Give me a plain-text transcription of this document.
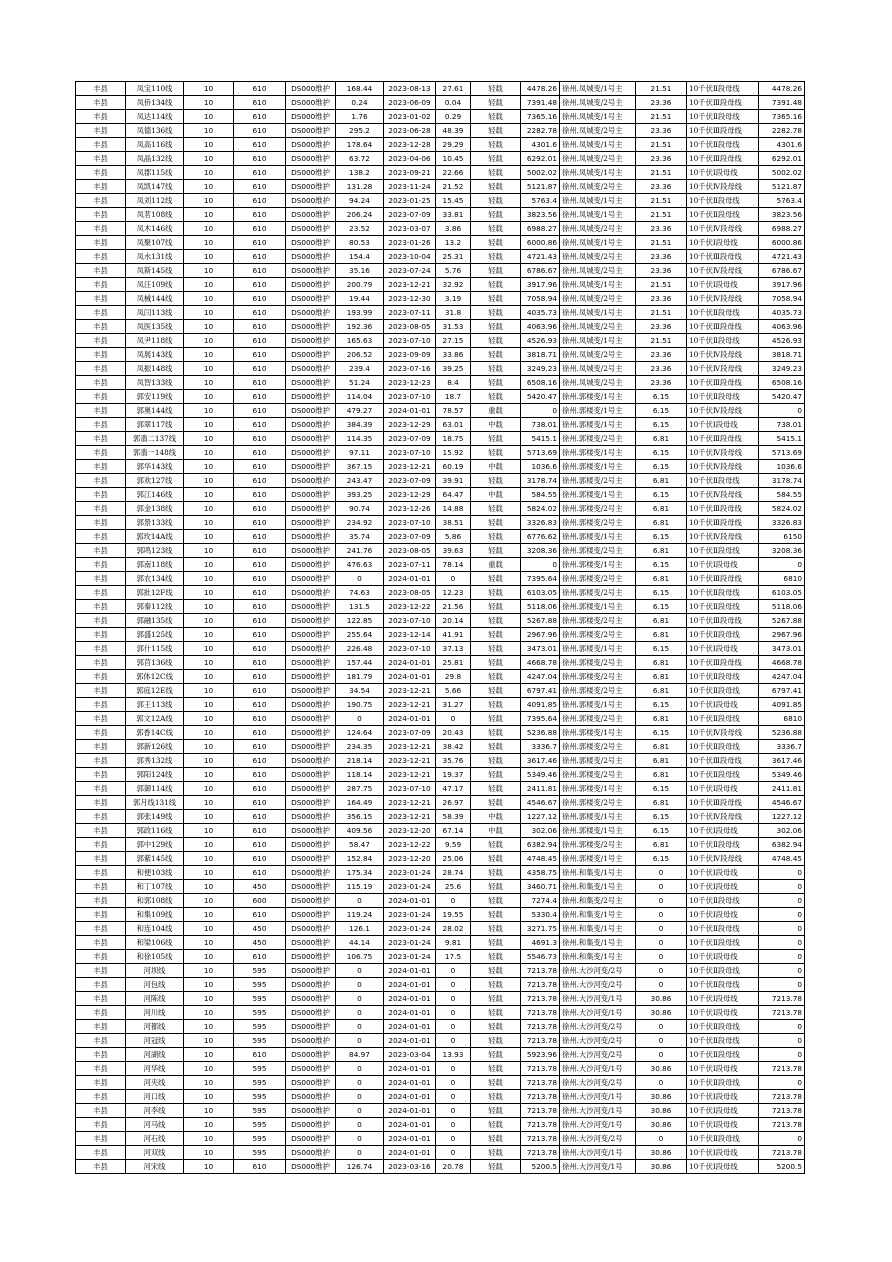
丰县	凤宝110线	10	610	DS000维护	168.44	2023-08-13	27.61	轻载	4478.26	徐州.凤城变/1号主	21.51	10千伏Ⅱ段母线	4478.26
丰县	凤侨134线	10	610	DS000维护	0.24	2023-06-09	0.04	轻载	7391.48	徐州.凤城变/2号主	23.36	10千伏Ⅲ段母线	7391.48
丰县	凤达114线	10	610	DS000维护	1.76	2023-01-02	0.29	轻载	7365.16	徐州.凤城变/1号主	21.51	10千伏Ⅱ段母线	7365.16
丰县	凤德136线	10	610	DS000维护	295.2	2023-06-28	48.39	轻载	2282.78	徐州.凤城变/2号主	23.36	10千伏Ⅲ段母线	2282.78
丰县	凤高116线	10	610	DS000维护	178.64	2023-12-28	29.29	轻载	4301.6	徐州.凤城变/1号主	21.51	10千伏Ⅱ段母线	4301.6
丰县	凤晶132线	10	610	DS000维护	63.72	2023-04-06	10.45	轻载	6292.01	徐州.凤城变/2号主	23.36	10千伏Ⅲ段母线	6292.01
丰县	凤郡115线	10	610	DS000维护	138.2	2023-09-21	22.66	轻载	5002.02	徐州.凤城变/1号主	21.51	10千伏Ⅰ段母线	5002.02
丰县	凤凯147线	10	610	DS000维护	131.28	2023-11-24	21.52	轻载	5121.87	徐州.凤城变/2号主	23.36	10千伏Ⅳ段母线	5121.87
丰县	凤刘112线	10	610	DS000维护	94.24	2023-01-25	15.45	轻载	5763.4	徐州.凤城变/1号主	21.51	10千伏Ⅱ段母线	5763.4
丰县	凤茗108线	10	610	DS000维护	206.24	2023-07-09	33.81	轻载	3823.56	徐州.凤城变/1号主	21.51	10千伏Ⅱ段母线	3823.56
丰县	凤木146线	10	610	DS000维护	23.52	2023-03-07	3.86	轻载	6988.27	徐州.凤城变/2号主	23.36	10千伏Ⅳ段母线	6988.27
丰县	凤聚107线	10	610	DS000维护	80.53	2023-01-26	13.2	轻载	6000.86	徐州.凤城变/1号主	21.51	10千伏Ⅰ段母线	6000.86
丰县	凤水131线	10	610	DS000维护	154.4	2023-10-04	25.31	轻载	4721.43	徐州.凤城变/2号主	23.36	10千伏Ⅲ段母线	4721.43
丰县	凤斯145线	10	610	DS000维护	35.16	2023-07-24	5.76	轻载	6786.67	徐州.凤城变/2号主	23.36	10千伏Ⅳ段母线	6786.67
丰县	凤汪109线	10	610	DS000维护	200.79	2023-12-21	32.92	轻载	3917.96	徐州.凤城变/1号主	21.51	10千伏Ⅰ段母线	3917.96
丰县	凤械144线	10	610	DS000维护	19.44	2023-12-30	3.19	轻载	7058.94	徐州.凤城变/2号主	23.36	10千伏Ⅳ段母线	7058.94
丰县	凤闫113线	10	610	DS000维护	193.99	2023-07-11	31.8	轻载	4035.73	徐州.凤城变/1号主	21.51	10千伏Ⅱ段母线	4035.73
丰县	凤医135线	10	610	DS000维护	192.36	2023-08-05	31.53	轻载	4063.96	徐州.凤城变/2号主	23.36	10千伏Ⅲ段母线	4063.96
丰县	凤尹118线	10	610	DS000维护	165.63	2023-07-10	27.15	轻载	4526.93	徐州.凤城变/1号主	21.51	10千伏Ⅱ段母线	4526.93
丰县	凤展143线	10	610	DS000维护	206.52	2023-09-09	33.86	轻载	3818.71	徐州.凤城变/2号主	23.36	10千伏Ⅳ段母线	3818.71
丰县	凤振148线	10	610	DS000维护	239.4	2023-07-16	39.25	轻载	3249.23	徐州.凤城变/2号主	23.36	10千伏Ⅳ段母线	3249.23
丰县	凤智133线	10	610	DS000维护	51.24	2023-12-23	8.4	轻载	6508.16	徐州.凤城变/2号主	23.36	10千伏Ⅲ段母线	6508.16
丰县	郭安119线	10	610	DS000维护	114.04	2023-07-10	18.7	轻载	5420.47	徐州.郭楼变/1号主	6.15	10千伏Ⅱ段母线	5420.47
丰县	郭奥144线	10	610	DS000维护	479.27	2024-01-01	78.57	重载	0	徐州.郭楼变/1号主	6.15	10千伏Ⅳ段母线	0
丰县	郭翠117线	10	610	DS000维护	384.39	2023-12-29	63.01	中载	738.01	徐州.郭楼变/1号主	6.15	10千伏Ⅰ段母线	738.01
丰县	郭翡二137线	10	610	DS000维护	114.35	2023-07-09	18.75	轻载	5415.1	徐州.郭楼变/2号主	6.81	10千伏Ⅲ段母线	5415.1
丰县	郭翡一148线	10	610	DS000维护	97.11	2023-07-10	15.92	轻载	5713.69	徐州.郭楼变/1号主	6.15	10千伏Ⅳ段母线	5713.69
丰县	郭华143线	10	610	DS000维护	367.15	2023-12-21	60.19	中载	1036.6	徐州.郭楼变/1号主	6.15	10千伏Ⅳ段母线	1036.6
丰县	郭欢127线	10	610	DS000维护	243.47	2023-07-09	39.91	轻载	3178.74	徐州.郭楼变/2号主	6.81	10千伏Ⅱ段母线	3178.74
丰县	郭江146线	10	610	DS000维护	393.25	2023-12-29	64.47	中载	584.55	徐州.郭楼变/1号主	6.15	10千伏Ⅳ段母线	584.55
丰县	郭金138线	10	610	DS000维护	90.74	2023-12-26	14.88	轻载	5824.02	徐州.郭楼变/2号主	6.81	10千伏Ⅲ段母线	5824.02
丰县	郭景133线	10	610	DS000维护	234.92	2023-07-10	38.51	轻载	3326.83	徐州.郭楼变/2号主	6.81	10千伏Ⅲ段母线	3326.83
丰县	郭玫14A线	10	610	DS000维护	35.74	2023-07-09	5.86	轻载	6776.62	徐州.郭楼变/1号主	6.15	10千伏Ⅳ段母线	6150
丰县	郭鸣123线	10	610	DS000维护	241.76	2023-08-05	39.63	轻载	3208.36	徐州.郭楼变/2号主	6.81	10千伏Ⅱ段母线	3208.36
丰县	郭南118线	10	610	DS000维护	476.63	2023-07-11	78.14	重载	0	徐州.郭楼变/1号主	6.15	10千伏Ⅰ段母线	0
丰县	郭农134线	10	610	DS000维护	0	2024-01-01	0	轻载	7395.64	徐州.郭楼变/2号主	6.81	10千伏Ⅲ段母线	6810
丰县	郭批12F线	10	610	DS000维护	74.63	2023-08-05	12.23	轻载	6103.05	徐州.郭楼变/2号主	6.15	10千伏Ⅱ段母线	6103.05
丰县	郭秦112线	10	610	DS000维护	131.5	2023-12-22	21.56	轻载	5118.06	徐州.郭楼变/1号主	6.15	10千伏Ⅱ段母线	5118.06
丰县	郭融135线	10	610	DS000维护	122.85	2023-07-10	20.14	轻载	5267.88	徐州.郭楼变/2号主	6.81	10千伏Ⅲ段母线	5267.88
丰县	郭盛125线	10	610	DS000维护	255.64	2023-12-14	41.91	轻载	2967.96	徐州.郭楼变/2号主	6.81	10千伏Ⅱ段母线	2967.96
丰县	郭什115线	10	610	DS000维护	226.48	2023-07-10	37.13	轻载	3473.01	徐州.郭楼变/1号主	6.15	10千伏Ⅰ段母线	3473.01
丰县	郭苜136线	10	610	DS000维护	157.44	2024-01-01	25.81	轻载	4668.78	徐州.郭楼变/2号主	6.81	10千伏Ⅲ段母线	4668.78
丰县	郭体12C线	10	610	DS000维护	181.79	2024-01-01	29.8	轻载	4247.04	徐州.郭楼变/2号主	6.81	10千伏Ⅱ段母线	4247.04
丰县	郭庭12E线	10	610	DS000维护	34.54	2023-12-21	5.66	轻载	6797.41	徐州.郭楼变/2号主	6.81	10千伏Ⅱ段母线	6797.41
丰县	郭王113线	10	610	DS000维护	190.75	2023-12-21	31.27	轻载	4091.85	徐州.郭楼变/1号主	6.15	10千伏Ⅰ段母线	4091.85
丰县	郭文12A线	10	610	DS000维护	0	2024-01-01	0	轻载	7395.64	徐州.郭楼变/2号主	6.81	10千伏Ⅱ段母线	6810
丰县	郭香14C线	10	610	DS000维护	124.64	2023-07-09	20.43	轻载	5236.88	徐州.郭楼变/1号主	6.15	10千伏Ⅳ段母线	5236.88
丰县	郭新126线	10	610	DS000维护	234.35	2023-12-21	38.42	轻载	3336.7	徐州.郭楼变/2号主	6.81	10千伏Ⅱ段母线	3336.7
丰县	郭秀132线	10	610	DS000维护	218.14	2023-12-21	35.76	轻载	3617.46	徐州.郭楼变/2号主	6.81	10千伏Ⅲ段母线	3617.46
丰县	郭阳124线	10	610	DS000维护	118.14	2023-12-21	19.37	轻载	5349.46	徐州.郭楼变/2号主	6.81	10千伏Ⅱ段母线	5349.46
丰县	郭御114线	10	610	DS000维护	287.75	2023-07-10	47.17	轻载	2411.81	徐州.郭楼变/1号主	6.15	10千伏Ⅰ段母线	2411.81
丰县	郭月线131线	10	610	DS000维护	164.49	2023-12-21	26.97	轻载	4546.67	徐州.郭楼变/2号主	6.81	10千伏Ⅲ段母线	4546.67
丰县	郭张149线	10	610	DS000维护	356.15	2023-12-21	58.39	中载	1227.12	徐州.郭楼变/1号主	6.15	10千伏Ⅳ段母线	1227.12
丰县	郭政116线	10	610	DS000维护	409.56	2023-12-20	67.14	中载	302.06	徐州.郭楼变/1号主	6.15	10千伏Ⅰ段母线	302.06
丰县	郭中129线	10	610	DS000维护	58.47	2023-12-22	9.59	轻载	6382.94	徐州.郭楼变/2号主	6.81	10千伏Ⅱ段母线	6382.94
丰县	郭紫145线	10	610	DS000维护	152.84	2023-12-20	25.06	轻载	4748.45	徐州.郭楼变/1号主	6.15	10千伏Ⅳ段母线	4748.45
丰县	和便103线	10	610	DS000维护	175.34	2023-01-24	28.74	轻载	4358.75	徐州.和集变/1号主	0	10千伏Ⅰ段母线	0
丰县	和丁107线	10	450	DS000维护	115.19	2023-01-24	25.6	轻载	3460.71	徐州.和集变/1号主	0	10千伏Ⅰ段母线	0
丰县	和郭108线	10	600	DS000维护	0	2024-01-01	0	轻载	7274.4	徐州.和集变/2号主	0	10千伏Ⅱ段母线	0
丰县	和集109线	10	610	DS000维护	119.24	2023-01-24	19.55	轻载	5330.4	徐州.和集变/1号主	0	10千伏Ⅰ段母线	0
丰县	和连104线	10	450	DS000维护	126.1	2023-01-24	28.02	轻载	3271.75	徐州.和集变/1号主	0	10千伏Ⅱ段母线	0
丰县	和梁106线	10	450	DS000维护	44.14	2023-01-24	9.81	轻载	4691.3	徐州.和集变/1号主	0	10千伏Ⅱ段母线	0
丰县	和徐105线	10	610	DS000维护	106.75	2023-01-24	17.5	轻载	5546.73	徐州.和集变/1号主	0	10千伏Ⅰ段母线	0
丰县	河坝线	10	595	DS000维护	0	2024-01-01	0	轻载	7213.78	徐州.大沙河变/2号	0	10千伏Ⅱ段母线	0
丰县	河包线	10	595	DS000维护	0	2024-01-01	0	轻载	7213.78	徐州.大沙河变/2号	0	10千伏Ⅱ段母线	0
丰县	河陈线	10	595	DS000维护	0	2024-01-01	0	轻载	7213.78	徐州.大沙河变/1号	30.86	10千伏Ⅰ段母线	7213.78
丰县	河川线	10	595	DS000维护	0	2024-01-01	0	轻载	7213.78	徐州.大沙河变/1号	30.86	10千伏Ⅰ段母线	7213.78
丰县	河都线	10	595	DS000维护	0	2024-01-01	0	轻载	7213.78	徐州.大沙河变/2号	0	10千伏Ⅱ段母线	0
丰县	河冠线	10	595	DS000维护	0	2024-01-01	0	轻载	7213.78	徐州.大沙河变/2号	0	10千伏Ⅱ段母线	0
丰县	河湖线	10	610	DS000维护	84.97	2023-03-04	13.93	轻载	5923.96	徐州.大沙河变/2号	0	10千伏Ⅱ段母线	0
丰县	河华线	10	595	DS000维护	0	2024-01-01	0	轻载	7213.78	徐州.大沙河变/1号	30.86	10千伏Ⅰ段母线	7213.78
丰县	河夹线	10	595	DS000维护	0	2024-01-01	0	轻载	7213.78	徐州.大沙河变/2号	0	10千伏Ⅱ段母线	0
丰县	河口线	10	595	DS000维护	0	2024-01-01	0	轻载	7213.78	徐州.大沙河变/1号	30.86	10千伏Ⅰ段母线	7213.78
丰县	河李线	10	595	DS000维护	0	2024-01-01	0	轻载	7213.78	徐州.大沙河变/1号	30.86	10千伏Ⅰ段母线	7213.78
丰县	河马线	10	595	DS000维护	0	2024-01-01	0	轻载	7213.78	徐州.大沙河变/1号	30.86	10千伏Ⅰ段母线	7213.78
丰县	河石线	10	595	DS000维护	0	2024-01-01	0	轻载	7213.78	徐州.大沙河变/2号	0	10千伏Ⅱ段母线	0
丰县	河双线	10	595	DS000维护	0	2024-01-01	0	轻载	7213.78	徐州.大沙河变/1号	30.86	10千伏Ⅰ段母线	7213.78
丰县	河宋线	10	610	DS000维护	126.74	2023-03-16	20.78	轻载	5200.5	徐州.大沙河变/1号	30.86	10千伏Ⅰ段母线	5200.5
